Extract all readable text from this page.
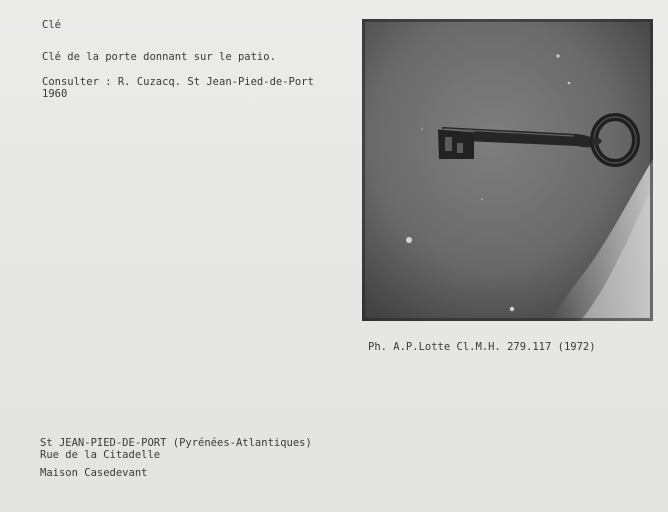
Clé
Clé de la porte donnant sur le patio.
Consulter : R. Cuzacq. St Jean-Pied-de-Port
1960
Ph. A.P.Lotte Cl.M.H. 279.117 (1972)
St JEAN-PIED-DE-PORT (Pyrénées-Atlantiques)
Rue de la Citadelle
Maison Casedevant
